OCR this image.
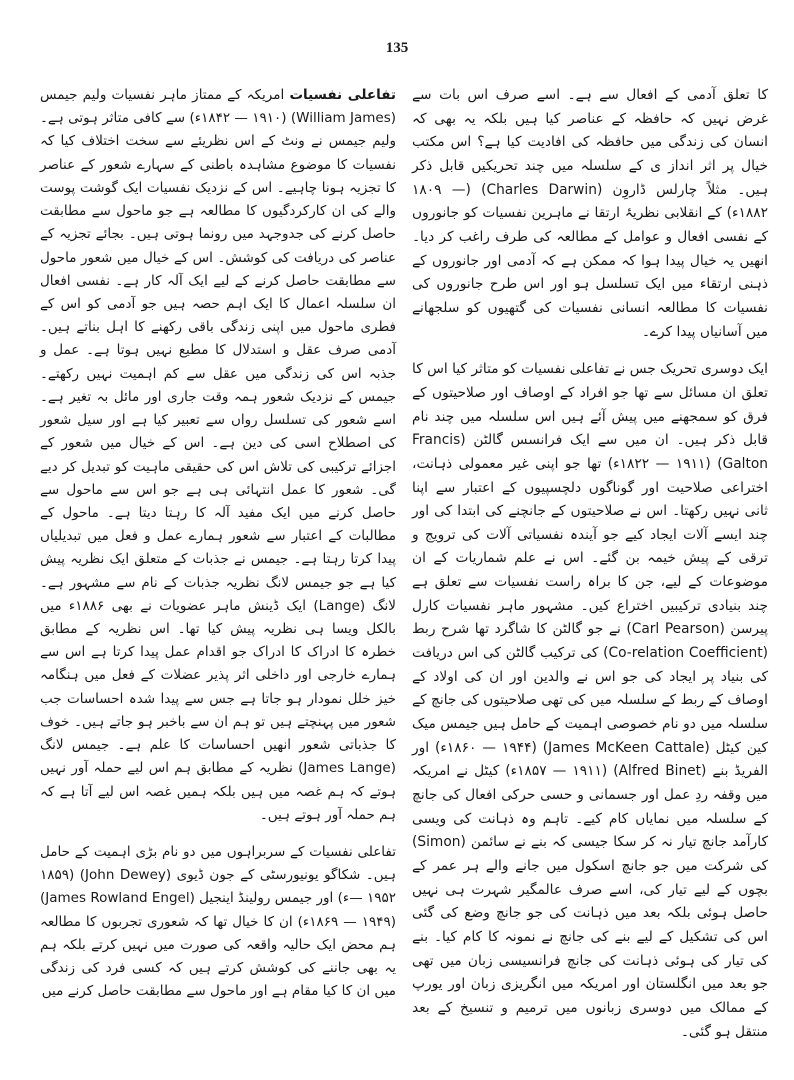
135

کا تعلق آدمی کے افعال سے ہے۔ اسے صرف اس بات سے غرض نہیں کہ حافظہ کے عناصر کیا ہیں بلکہ یہ بھی کہ انسان کی زندگی میں حافظہ کی افادیت کیا ہے؟ اس مکتب خیال پر اثر انداز ی کے سلسلہ میں چند تحریکیں قابل ذکر ہیں۔ مثلاً چارلس ڈاروِن (Charles Darwin) (۱۸۰۹ — ۱۸۸۲ء) کے انقلابی نظریۂ ارتقا نے ماہرین نفسیات کو جانوروں کے نفسی افعال و عوامل کے مطالعہ کی طرف راغب کر دیا۔ انھیں یہ خیال پیدا ہوا کہ ممکن ہے کہ آدمی اور جانوروں کے ذہنی ارتقاء میں ایک تسلسل ہو اور اس طرح جانوروں کی نفسیات کا مطالعہ انسانی نفسیات کی گتھیوں کو سلجھانے میں آسانیاں پیدا کرے۔

ایک دوسری تحریک جس نے تفاعلی نفسیات کو متاثر کیا اس کا تعلق ان مسائل سے تھا جو افراد کے اوصاف اور صلاحیتوں کے فرق کو سمجھنے میں پیش آئے ہیں اس سلسلہ میں چند نام قابل ذکر ہیں۔ ان میں سے ایک فرانسس گالٹن (Francis Galton) (۱۸۲۲ — ۱۹۱۱ء) تھا جو اپنی غیر معمولی ذہانت، اختراعی صلاحیت اور گوناگوں دلچسپیوں کے اعتبار سے اپنا ثانی نہیں رکھتا۔ اس نے صلاحیتوں کے جانچنے کی ابتدا کی اور چند ایسے آلات ایجاد کیے جو آیندہ نفسیاتی آلات کی ترویج و ترقی کے پیش خیمہ بن گئے۔ اس نے علم شماریات کے ان موضوعات کے لیے، جن کا براہ راست نفسیات سے تعلق ہے چند بنیادی ترکیبیں اختراع کیں۔ مشہور ماہر نفسیات کارل پیرسن (Carl Pearson) نے جو گالٹن کا شاگرد تھا شرح ربط (Co-relation Coefficient) کی ترکیب گالٹن کی اس دریافت کی بنیاد پر ایجاد کی جو اس نے والدین اور ان کی اولاد کے اوصاف کے ربط کے سلسلہ میں کی تھی صلاحیتوں کی جانچ کے سلسلہ میں دو نام خصوصی اہمیت کے حامل ہیں جیمس میک کین کیٹل (James McKeen Cattale) (۱۸۶۰ — ۱۹۴۴ء) اور الفریڈ بنے (Alfred Binet) (۱۸۵۷ — ۱۹۱۱ء) کیٹل نے امریکہ میں وقفہ ردِ عمل اور جسمانی و حسی حرکی افعال کی جانچ کے سلسلہ میں نمایاں کام کیے۔ تاہم وہ ذہانت کی ویسی کارآمد جانچ تیار نہ کر سکا جیسی کہ بنے نے سائمن (Simon) کی شرکت میں جو جانچ اسکول میں جانے والے ہر عمر کے بچوں کے لیے تیار کی، اسے صرف عالمگیر شہرت ہی نہیں حاصل ہوئی بلکہ بعد میں ذہانت کی جو جانچ وضع کی گئی اس کی تشکیل کے لیے بنے کی جانچ نے نمونہ کا کام کیا۔ بنے کی تیار کی ہوئی ذہانت کی جانچ فرانسیسی زبان میں تھی جو بعد میں انگلستان اور امریکہ میں انگریزی زبان اور یورپ کے ممالک میں دوسری زبانوں میں ترمیم و تنسیخ کے بعد منتقل ہو گئی۔

تفاعلی نفسیات امریکہ کے ممتاز ماہر نفسیات ولیم جیمس (William James) (۱۸۴۲ — ۱۹۱۰ء) سے کافی متاثر ہوتی ہے۔ ولیم جیمس نے ونٹ کے اس نظریئے سے سخت اختلاف کیا کہ نفسیات کا موضوع مشاہدہ باطنی کے سہارے شعور کے عناصر کا تجزیہ ہونا چاہیے۔ اس کے نزدیک نفسیات ایک گوشت پوست والے کی ان کارکردگیوں کا مطالعہ ہے جو ماحول سے مطابقت حاصل کرنے کی جدوجہد میں رونما ہوتی ہیں۔ بجائے تجزیہ کے عناصر کی دریافت کی کوشش۔ اس کے خیال میں شعور ماحول سے مطابقت حاصل کرنے کے لیے ایک آلہ کار ہے۔ نفسی افعال ان سلسلہ اعمال کا ایک اہم حصہ ہیں جو آدمی کو اس کے فطری ماحول میں اپنی زندگی باقی رکھنے کا اہل بناتے ہیں۔ آدمی صرف عقل و استدلال کا مطیع نہیں ہوتا ہے۔ عمل و جذبہ اس کی زندگی میں عقل سے کم اہمیت نہیں رکھتے۔ جیمس کے نزدیک شعور ہمہ وقت جاری اور مائل بہ تغیر ہے۔ اسے شعور کی تسلسل رواں سے تعبیر کیا ہے اور سیل شعور کی اصطلاح اسی کی دین ہے۔ اس کے خیال میں شعور کے اجزائے ترکیبی کی تلاش اس کی حقیقی ماہیت کو تبدیل کر دیے گی۔ شعور کا عمل انتہائی ہی ہے جو اس سے ماحول سے حاصل کرنے میں ایک مفید آلہ کا رہتا دیتا ہے۔ ماحول کے مطالبات کے اعتبار سے شعور ہمارے عمل و فعل میں تبدیلیاں پیدا کرتا رہتا ہے۔ جیمس نے جذبات کے متعلق ایک نظریہ پیش کیا ہے جو جیمس لانگ نظریہ جذبات کے نام سے مشہور ہے۔ لانگ (Lange) ایک ڈینش ماہر عضویات نے بھی ۱۸۸۶ء میں بالکل ویسا ہی نظریہ پیش کیا تھا۔ اس نظریہ کے مطابق خطرہ کا ادراک کا ادراک جو اقدام عمل پیدا کرتا ہے اس سے ہمارے خارجی اور داخلی اثر پذیر عضلات کے فعل میں ہنگامہ خیز خلل نمودار ہو جاتا ہے جس سے پیدا شدہ احساسات جب شعور میں پہنچتے ہیں تو ہم ان سے باخبر ہو جاتے ہیں۔ خوف کا جذباتی شعور انھیں احساسات کا علم ہے۔ جیمس لانگ (James Lange) نظریہ کے مطابق ہم اس لیے حملہ آور نہیں ہوتے کہ ہم غصہ میں ہیں بلکہ ہمیں غصہ اس لیے آتا ہے کہ ہم حملہ آور ہوتے ہیں۔

تفاعلی نفسیات کے سربراہوں میں دو نام بڑی اہمیت کے حامل ہیں۔ شکاگو یونیورسٹی کے جون ڈیوی (John Dewey) (۱۸۵۹ — ۱۹۵۲ء) اور جیمس رولینڈ اینجیل (James Rowland Engel) (۱۸۶۹ — ۱۹۴۹ء) ان کا خیال تھا کہ شعوری تجربوں کا مطالعہ ہم محض ایک حالیہ واقعہ کی صورت میں نہیں کرتے بلکہ ہم یہ بھی جاننے کی کوشش کرتے ہیں کہ کسی فرد کی زندگی میں ان کا کیا مقام ہے اور ماحول سے مطابقت حاصل کرنے میں
